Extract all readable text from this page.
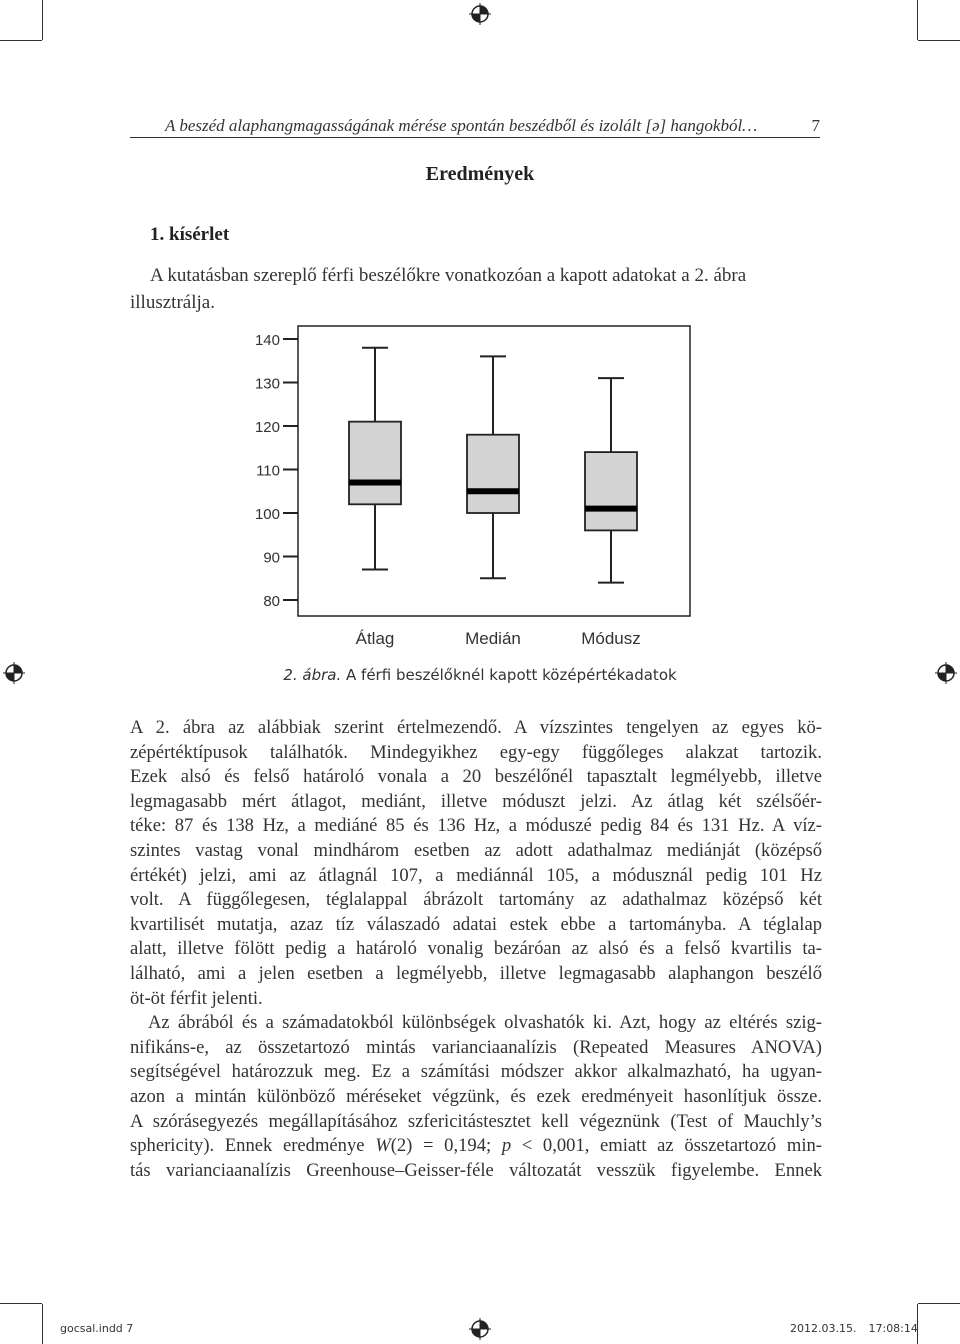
A beszéd alaphangmagasságának mérése spontán beszédből és izolált [ə] hangokból…	7
Eredmények
1. kísérlet
A kutatásban szereplő férfi beszélőkre vonatkozóan a kapott adatokat a 2. ábra illusztrálja.
80
90
100
110
120
130
140
Átlag	Medián	Módusz
2. ábra. A férfi beszélőknél kapott középértékadatok

A 2. ábra az alábbiak szerint értelmezendő. A vízszintes tengelyen az egyes kö-

zépértéktípusok találhatók. Mindegyikhez egy-egy függőleges alakzat tartozik.

Ezek alsó és felső határoló vonala a 20 beszélőnél tapasztalt legmélyebb, illetve

legmagasabb mért átlagot, mediánt, illetve móduszt jelzi. Az átlag két szélsőér-

téke: 87 és 138 Hz, a mediáné 85 és 136 Hz, a móduszé pedig 84 és 131 Hz. A víz-

szintes vastag vonal mindhárom esetben az adott adathalmaz mediánját (középső

értékét) jelzi, ami az átlagnál 107, a mediánnál 105, a módusznál pedig 101 Hz

volt. A függőlegesen, téglalappal ábrázolt tartomány az adathalmaz középső két

kvartilisét mutatja, azaz tíz válaszadó adatai estek ebbe a tartományba. A téglalap

alatt, illetve fölött pedig a határoló vonalig bezáróan az alsó és a felső kvartilis ta-

lálható, ami a jelen esetben a legmélyebb, illetve legmagasabb alaphangon beszélő

öt-öt férfit jelenti.

Az ábrából és a számadatokból különbségek olvashatók ki. Azt, hogy az eltérés szig-

nifikáns-e, az összetartozó mintás varianciaanalízis (Repeated Measures ANOVA)

segítségével határozzuk meg. Ez a számítási módszer akkor alkalmazható, ha ugyan-

azon a mintán különböző méréseket végzünk, és ezek eredményeit hasonlítjuk össze.

A szórásegyezés megállapításához szfericitástesztet kell végeznünk (Test of Mauchly’s

sphericity). Ennek eredménye W(2) = 0,194; p < 0,001, emiatt az összetartozó min-

tás varianciaanalízis Greenhouse–Geisser-féle változatát vesszük figyelembe. Ennek

gocsal.indd 7	2012.03.15. 17:08:14
